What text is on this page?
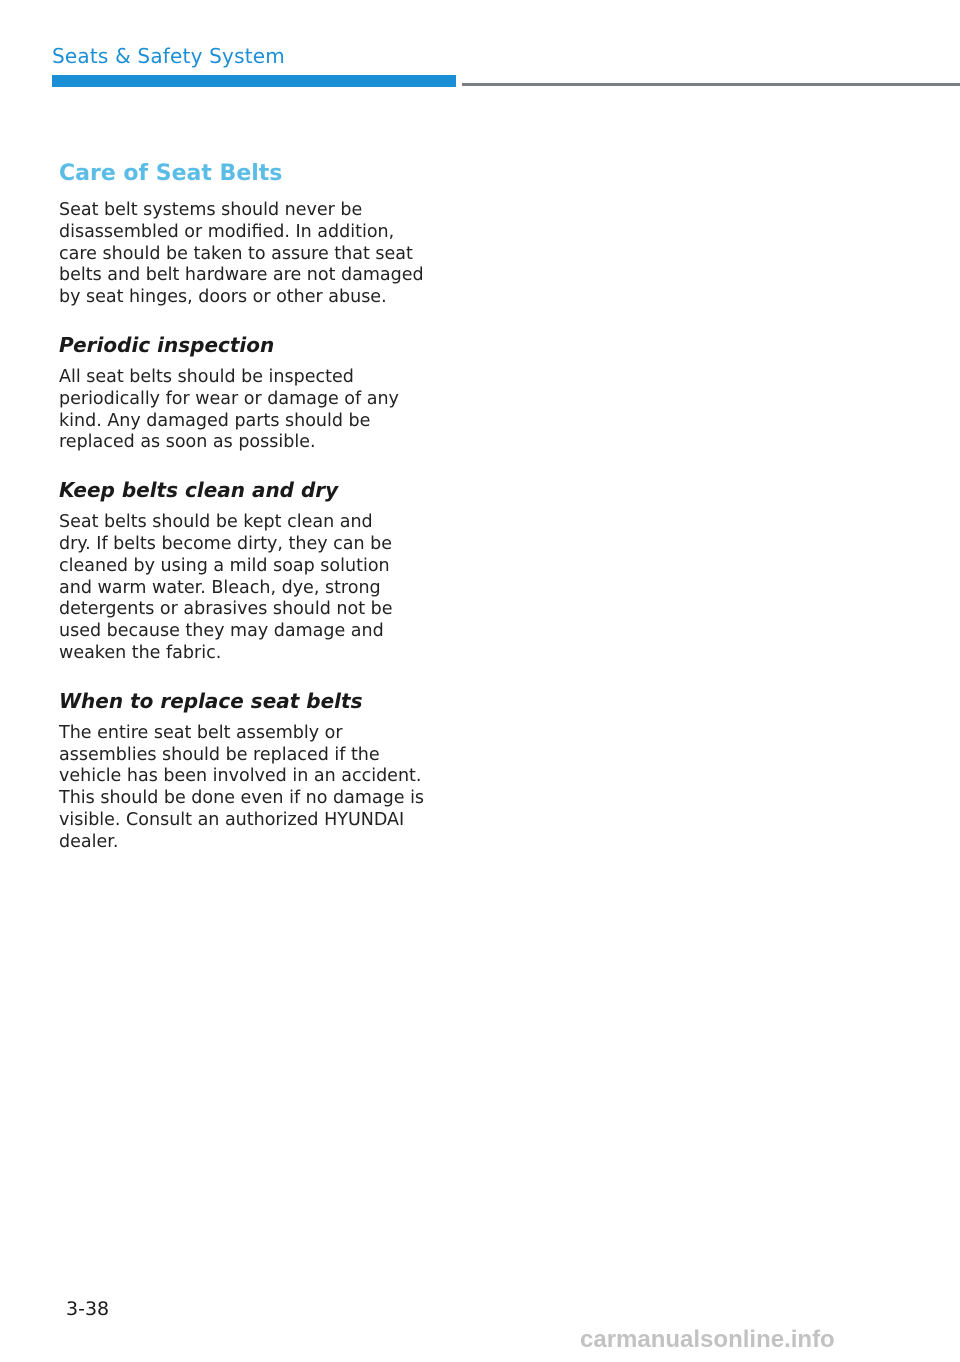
Seats & Safety System
Care of Seat Belts

Seat belt systems should never be
disassembled or modified. In addition,
care should be taken to assure that seat
belts and belt hardware are not damaged
by seat hinges, doors or other abuse.

Periodic inspection

All seat belts should be inspected
periodically for wear or damage of any
kind. Any damaged parts should be
replaced as soon as possible.

Keep belts clean and dry

Seat belts should be kept clean and
dry. If belts become dirty, they can be
cleaned by using a mild soap solution
and warm water. Bleach, dye, strong
detergents or abrasives should not be
used because they may damage and
weaken the fabric.

When to replace seat belts

The entire seat belt assembly or
assemblies should be replaced if the
vehicle has been involved in an accident.
This should be done even if no damage is
visible. Consult an authorized HYUNDAI
dealer.

3-38

carmanualsonline.info
